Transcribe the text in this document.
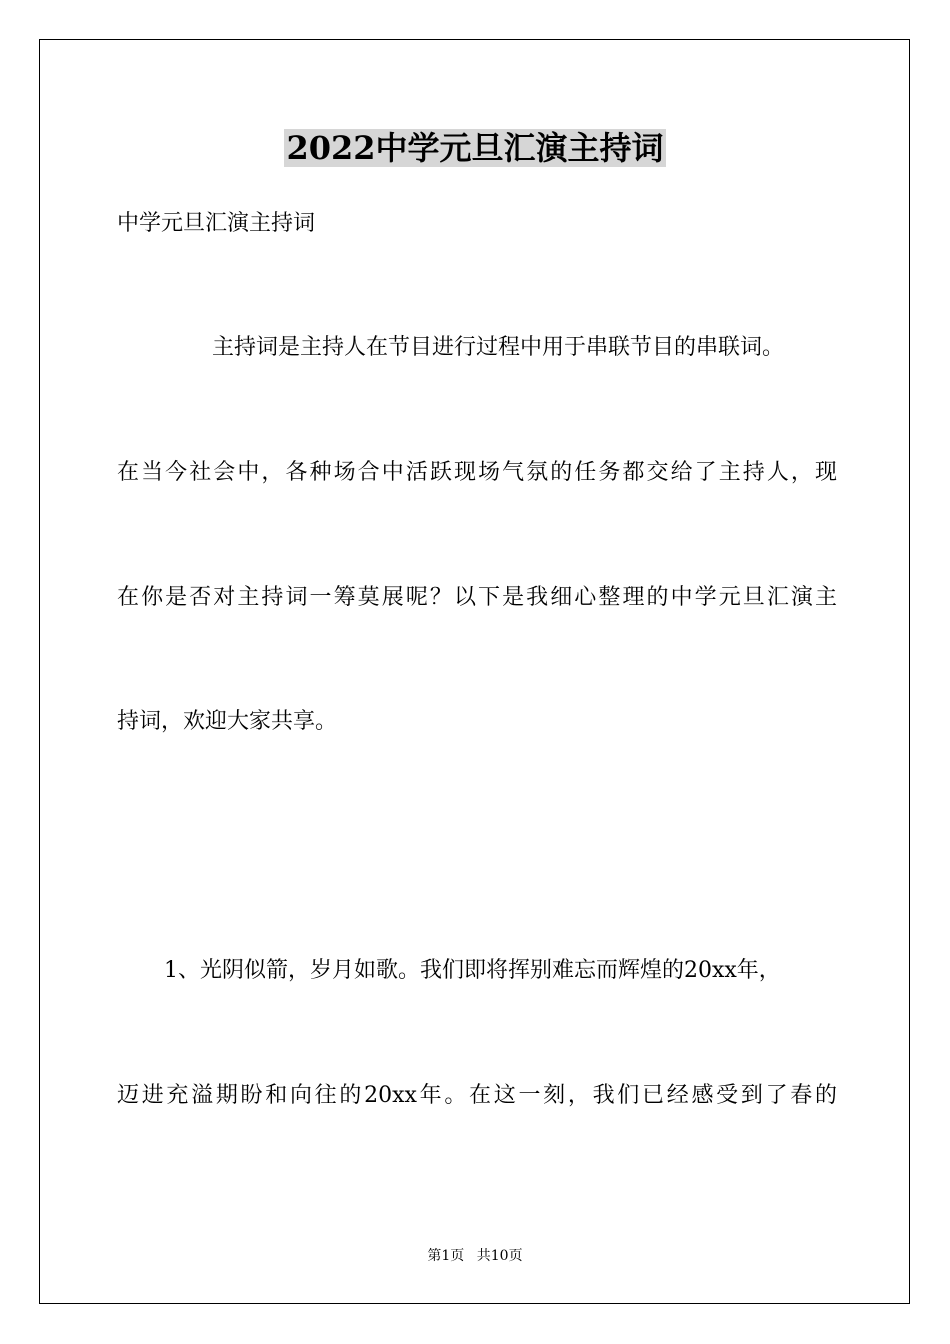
2022中学元旦汇演主持词
中学元旦汇演主持词
主持词是主持人在节目进行过程中用于串联节目的串联词。
在当今社会中，各种场合中活跃现场气氛的任务都交给了主持人，现
在你是否对主持词一筹莫展呢？以下是我细心整理的中学元旦汇演主
持词，欢迎大家共享。
1、光阴似箭，岁月如歌。我们即将挥别难忘而辉煌的20xx年，
迈进充溢期盼和向往的20xx年。在这一刻，我们已经感受到了春的
第1页 共10页
